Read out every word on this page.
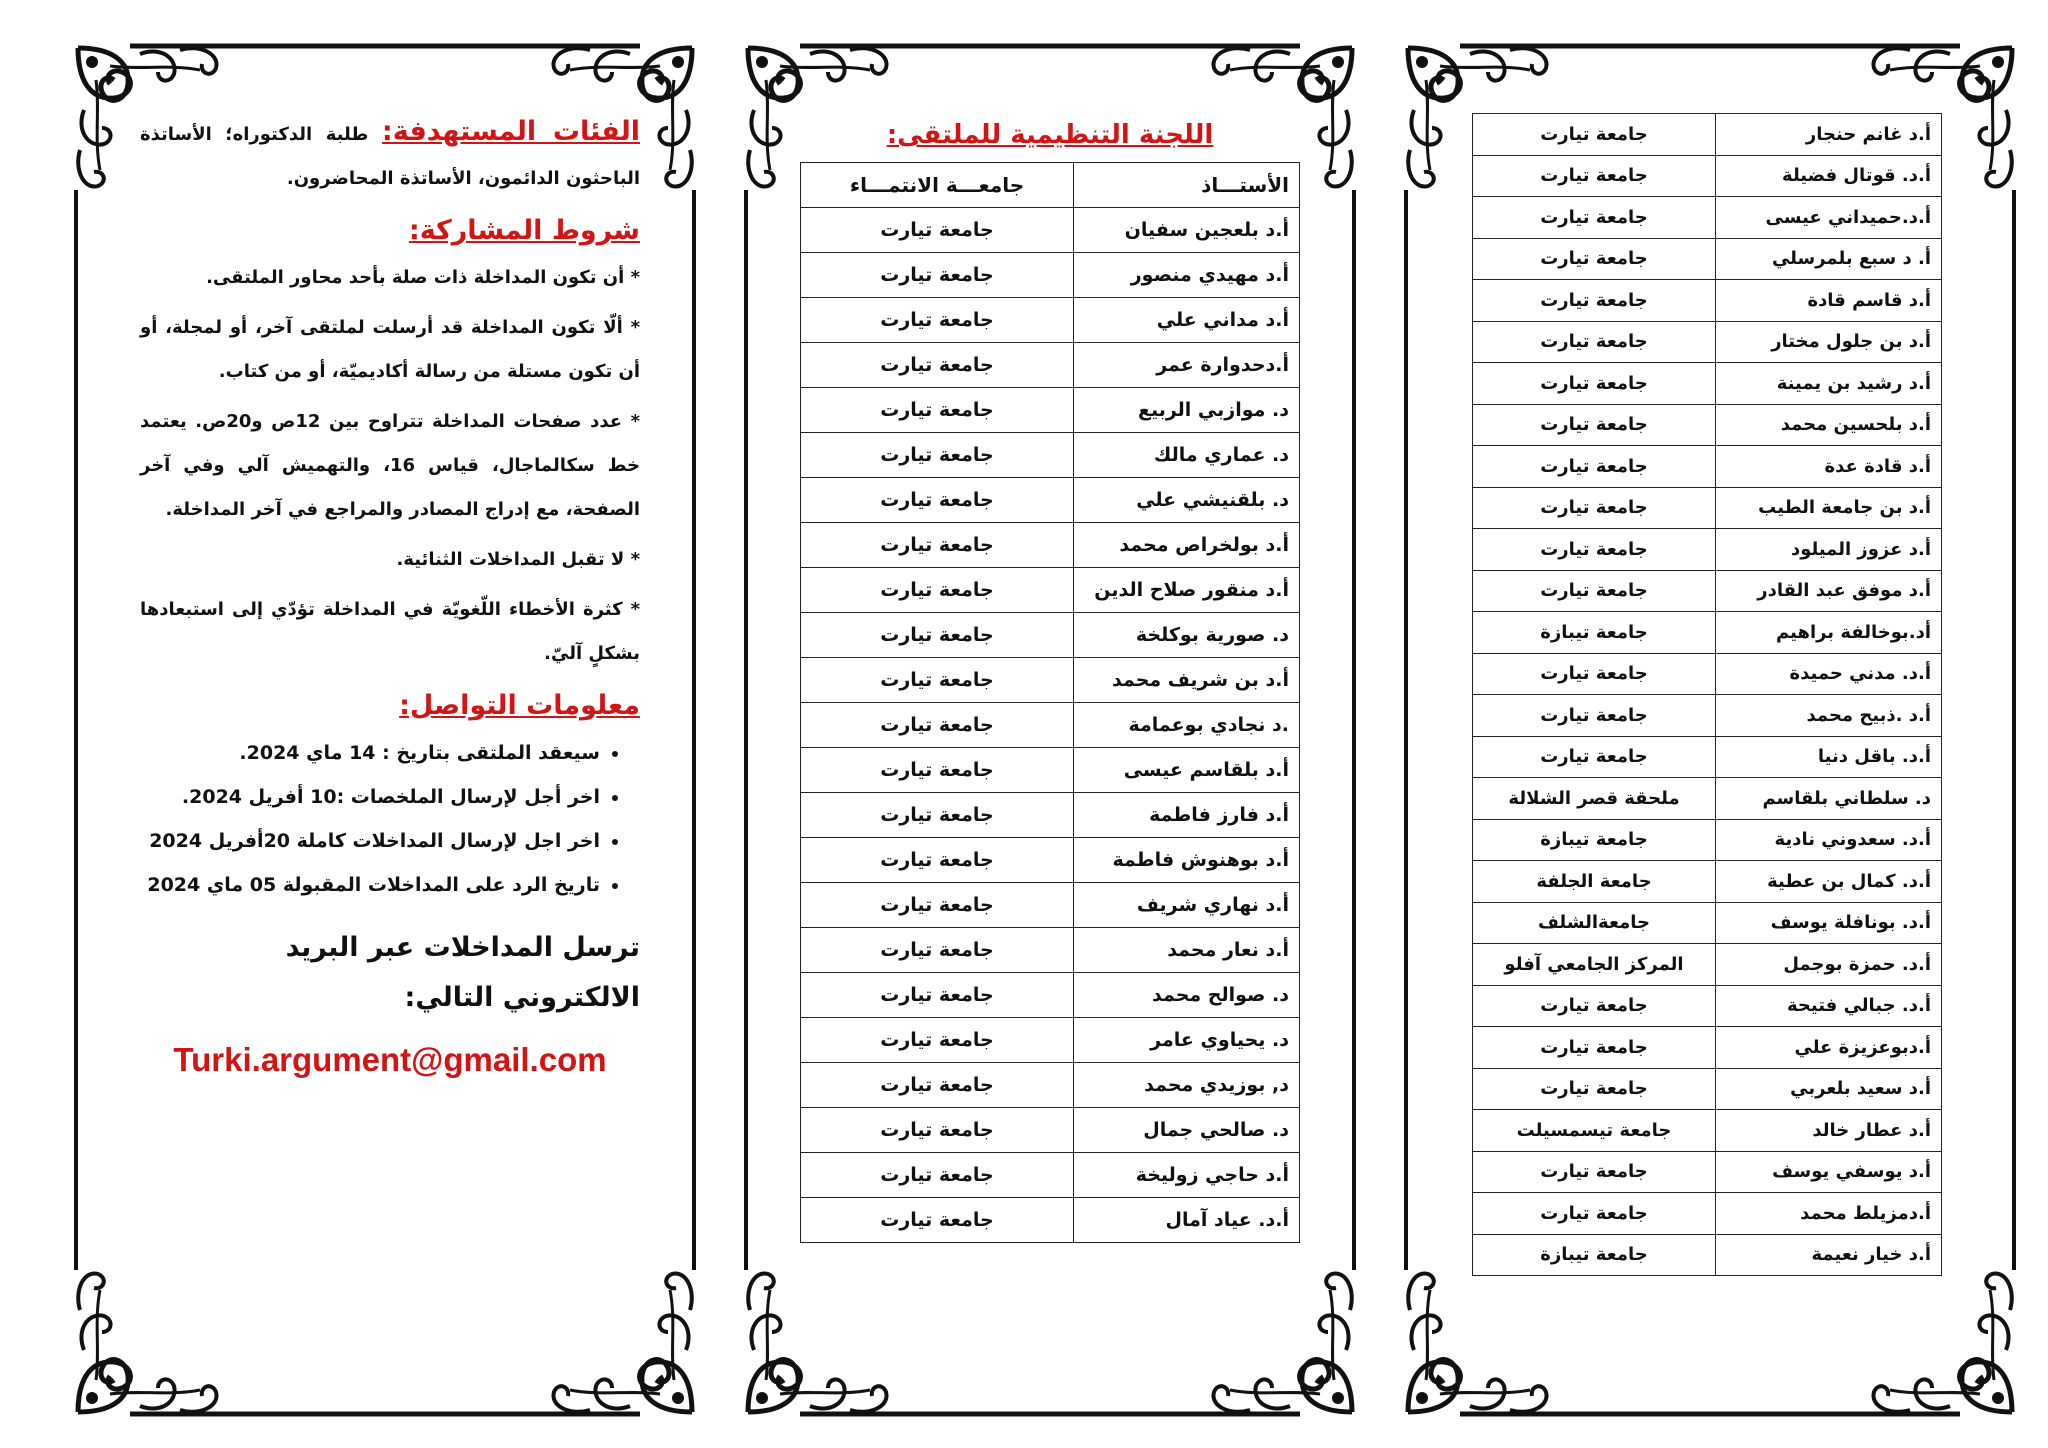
الفئات المستهدفة: طلبة الدكتوراه؛ الأساتذة الباحثون الدائمون، الأساتذة المحاضرون.
شروط المشاركة:
* أن تكون المداخلة ذات صلة بأحد محاور الملتقى.
* ألّا تكون المداخلة قد أرسلت لملتقى آخر، أو لمجلة، أو أن تكون مستلة من رسالة أكاديميّة، أو من كتاب.
* عدد صفحات المداخلة تتراوح بين 12ص و20ص. يعتمد خط سكالماجال، قياس 16، والتهميش آلي وفي آخر الصفحة، مع إدراج المصادر والمراجع في آخر المداخلة.
* لا تقبل المداخلات الثنائية.
* كثرة الأخطاء اللّغويّة في المداخلة تؤدّي إلى استبعادها بشكلٍ آليّ.
معلومات التواصل:
• سيعقد الملتقى بتاريخ : 14 ماي 2024.
• اخر أجل لإرسال الملخصات :10 أفريل 2024.
• اخر اجل لإرسال المداخلات كاملة 20أفريل 2024
• تاريخ الرد على المداخلات المقبولة 05 ماي 2024
ترسل المداخلات عبر البريد الالكتروني التالي:
Turki.argument@gmail.com
اللجنة التنظيمية للملتقى:
الأستـــاذ	جامعـــة الانتمـــاء
أ.د بلعجين سفيان	جامعة تيارت
أ.د مهيدي منصور	جامعة تيارت
أ.د مداني علي	جامعة تيارت
أ.دحدوارة عمر	جامعة تيارت
د. موازبي الربيع	جامعة تيارت
د. عماري مالك	جامعة تيارت
د. بلقنيشي علي	جامعة تيارت
أ.د بولخراص محمد	جامعة تيارت
أ.د منقور صلاح الدين	جامعة تيارت
د. صورية بوكلخة	جامعة تيارت
أ.د بن شريف محمد	جامعة تيارت
.د نجادي بوعمامة	جامعة تيارت
أ.د بلقاسم عيسى	جامعة تيارت
أ.د فارز فاطمة	جامعة تيارت
أ.د بوهنوش فاطمة	جامعة تيارت
أ.د نهاري شريف	جامعة تيارت
أ.د نعار محمد	جامعة تيارت
د. صوالح محمد	جامعة تيارت
د. يحياوي عامر	جامعة تيارت
د, بوزيدي محمد	جامعة تيارت
د. صالحي جمال	جامعة تيارت
أ.د حاجي زوليخة	جامعة تيارت
أ.د. عياد آمال	جامعة تيارت
أ.د غانم حنجار	جامعة تيارت
أ.د. قوتال فضيلة	جامعة تيارت
أ.د.حميداني عيسى	جامعة تيارت
أ. د سبع بلمرسلي	جامعة تيارت
أ.د قاسم قادة	جامعة تيارت
أ.د بن جلول مختار	جامعة تيارت
أ.د رشيد بن يمينة	جامعة تيارت
أ.د بلحسين محمد	جامعة تيارت
أ.د قادة عدة	جامعة تيارت
أ.د بن جامعة الطيب	جامعة تيارت
أ.د عزوز الميلود	جامعة تيارت
أ.د موفق عبد القادر	جامعة تيارت
أد.بوخالفة براهيم	جامعة تيبازة
أ.د. مدني حميدة	جامعة تيارت
أ.د .ذبيح محمد	جامعة تيارت
أ.د. باقل دنيا	جامعة تيارت
د. سلطاني بلقاسم	ملحقة قصر الشلالة
أ.د. سعدوني نادية	جامعة تيبازة
أ.د. كمال بن عطية	جامعة الجلفة
أ.د. بونافلة يوسف	جامعةالشلف
أ.د. حمزة بوجمل	المركز الجامعي آفلو
أ.د. جبالي فتيحة	جامعة تيارت
أ.دبوعزيزة علي	جامعة تيارت
أ.د سعيد بلعربي	جامعة تيارت
أ.د عطار خالد	جامعة تيسمسيلت
أ.د يوسفي يوسف	جامعة تيارت
أ.دمزيلط محمد	جامعة تيارت
أ.د خيار نعيمة	جامعة تيبازة
